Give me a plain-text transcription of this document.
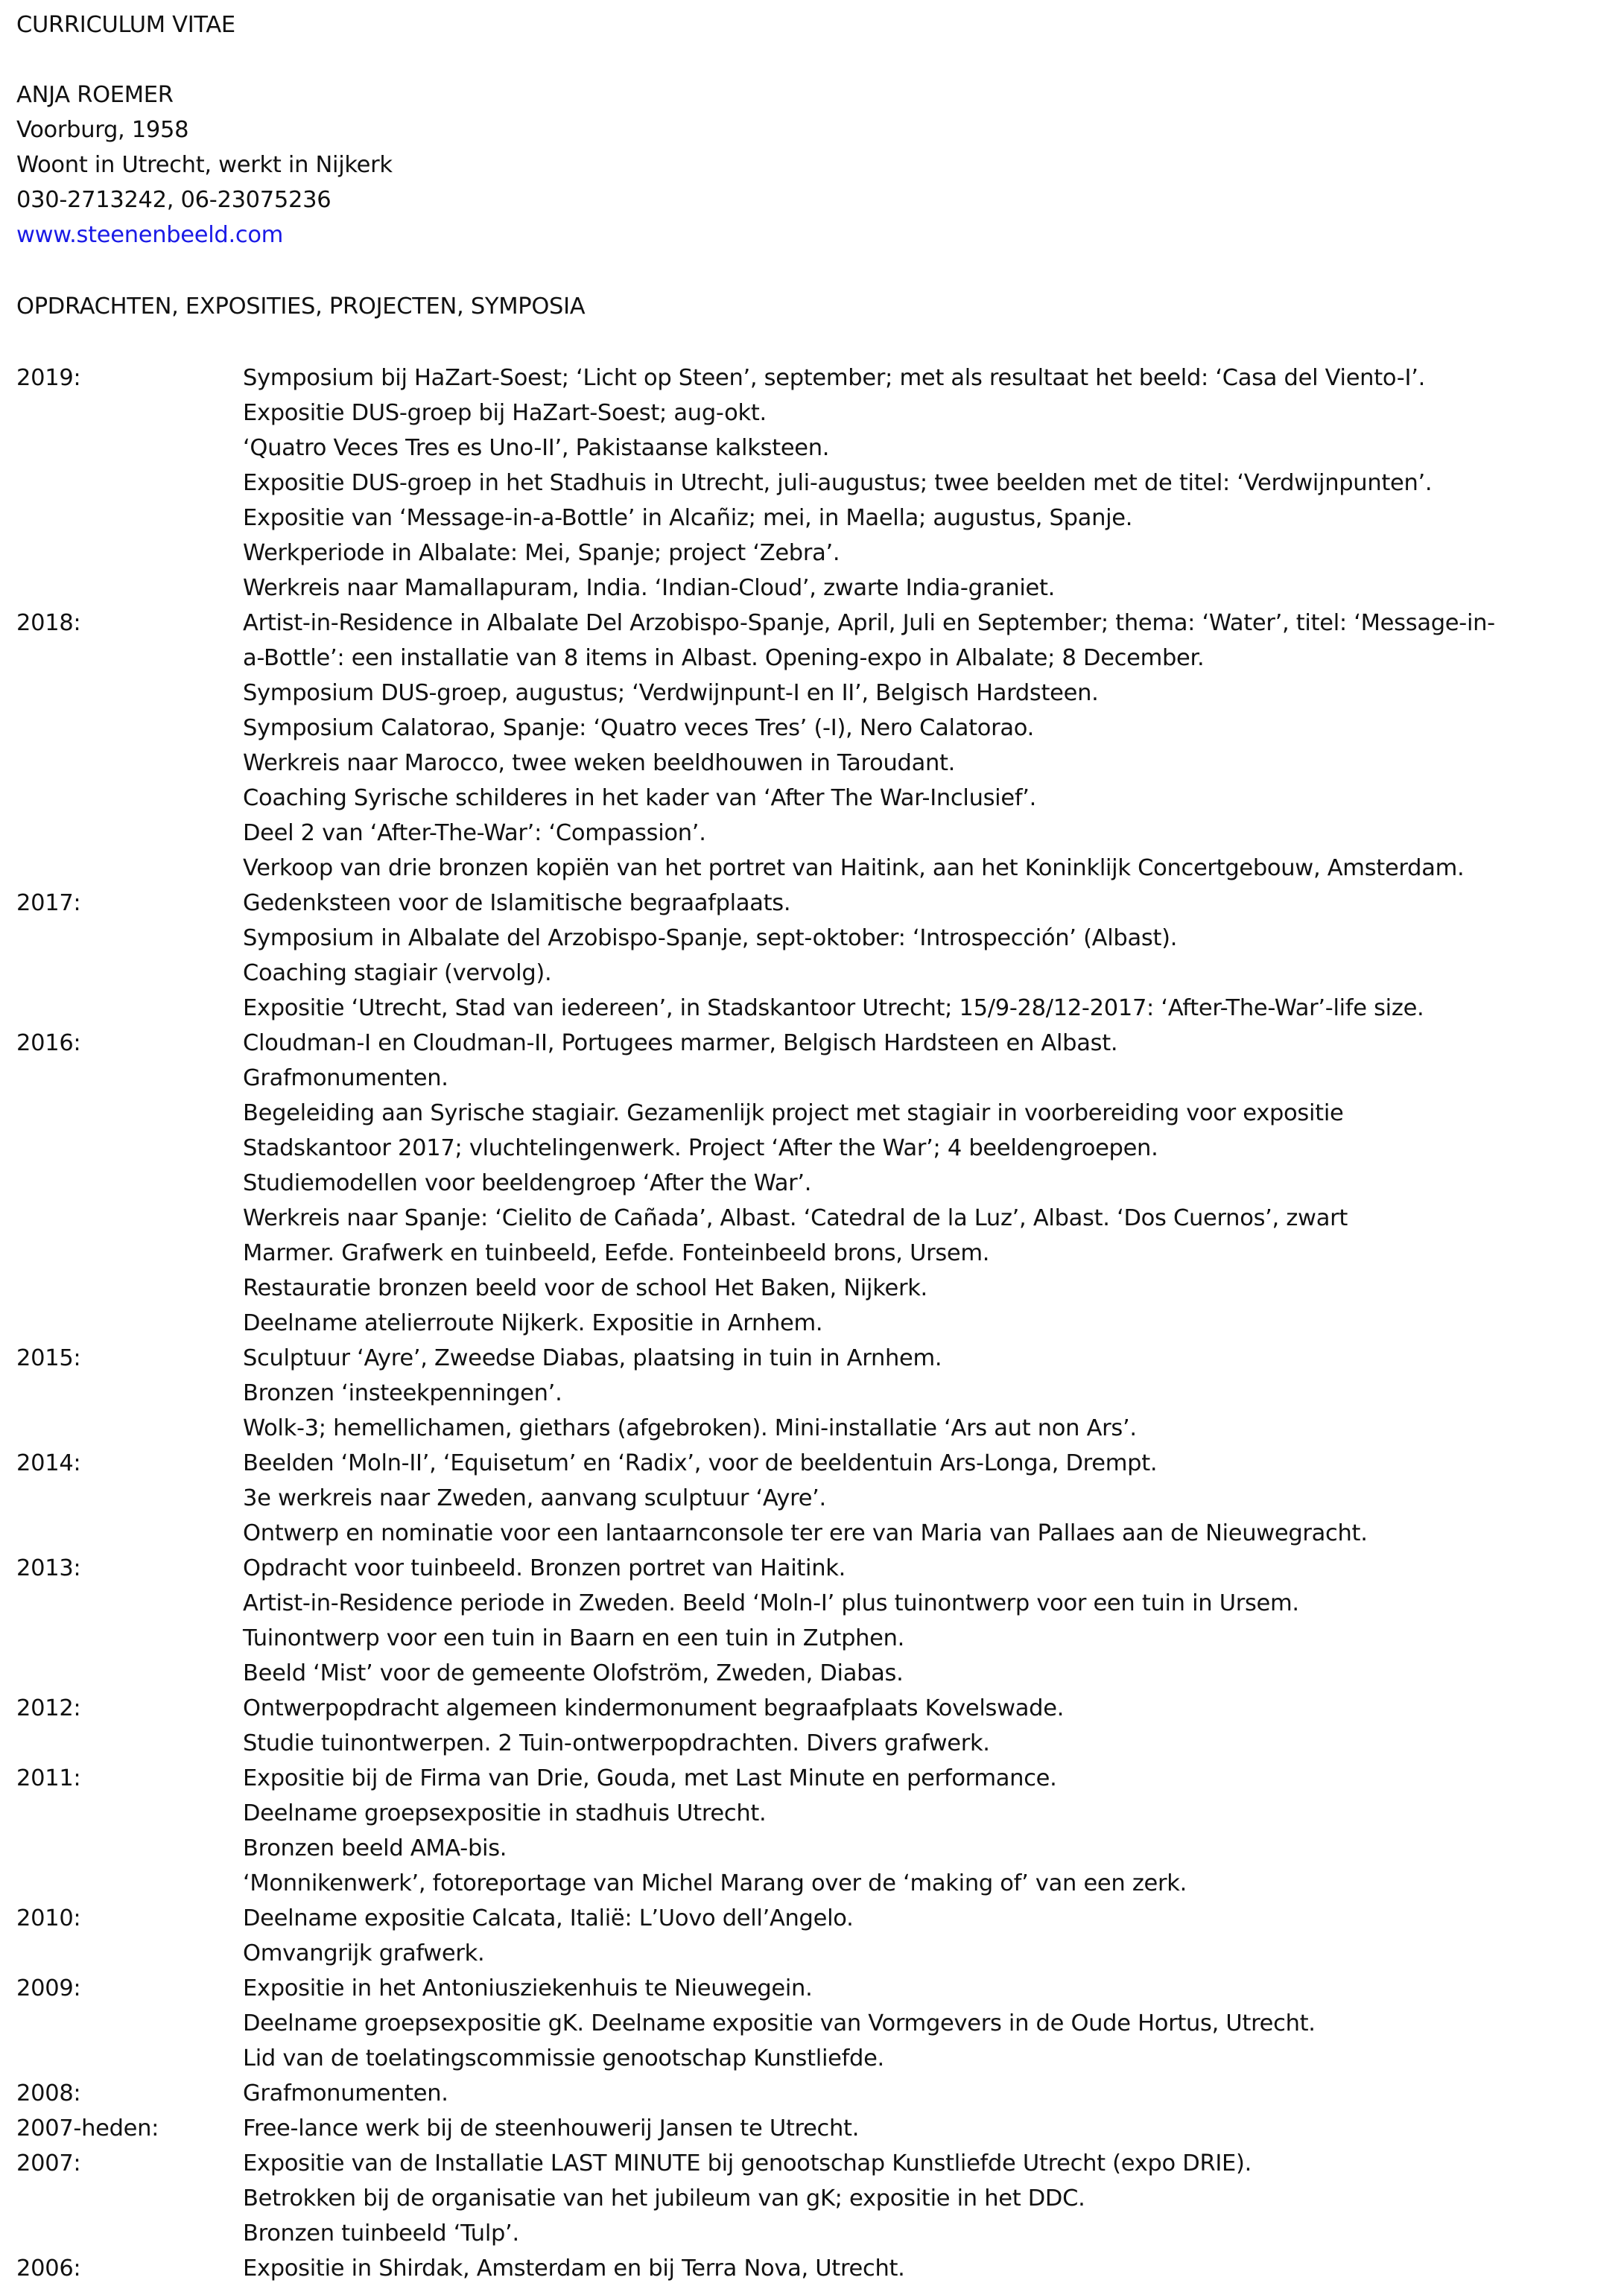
CURRICULUM VITAE
ANJA ROEMER
Voorburg, 1958
Woont in Utrecht, werkt in Nijkerk
030-2713242, 06-23075236
www.steenenbeeld.com
OPDRACHTEN, EXPOSITIES, PROJECTEN, SYMPOSIA
2019:	Symposium bij HaZart-Soest; ‘Licht op Steen’, september; met als resultaat het beeld: ‘Casa del Viento-I’.
Expositie DUS-groep bij HaZart-Soest; aug-okt.
‘Quatro Veces Tres es Uno-II’, Pakistaanse kalksteen.
Expositie DUS-groep in het Stadhuis in Utrecht, juli-augustus; twee beelden met de titel: ‘Verdwijnpunten’.
Expositie van ‘Message-in-a-Bottle’ in Alcañiz; mei, in Maella; augustus, Spanje.
Werkperiode in Albalate: Mei, Spanje; project ‘Zebra’.
Werkreis naar Mamallapuram, India. ‘Indian-Cloud’, zwarte India-graniet.
2018:	Artist-in-Residence in Albalate Del Arzobispo-Spanje, April, Juli en September; thema: ‘Water’, titel: ‘Message-in-
a-Bottle’: een installatie van 8 items in Albast. Opening-expo in Albalate; 8 December.
Symposium DUS-groep, augustus; ‘Verdwijnpunt-I en II’, Belgisch Hardsteen.
Symposium Calatorao, Spanje: ‘Quatro veces Tres’ (-I), Nero Calatorao.
Werkreis naar Marocco, twee weken beeldhouwen in Taroudant.
Coaching Syrische schilderes in het kader van ‘After The War-Inclusief’.
Deel 2 van ‘After-The-War’: ‘Compassion’.
Verkoop van drie bronzen kopiën van het portret van Haitink, aan het Koninklijk Concertgebouw, Amsterdam.
2017:	Gedenksteen voor de Islamitische begraafplaats.
Symposium in Albalate del Arzobispo-Spanje, sept-oktober: ‘Introspección’ (Albast).
Coaching stagiair (vervolg).
Expositie ‘Utrecht, Stad van iedereen’, in Stadskantoor Utrecht; 15/9-28/12-2017: ‘After-The-War’-life size.
2016:	Cloudman-I en Cloudman-II, Portugees marmer, Belgisch Hardsteen en Albast.
Grafmonumenten.
Begeleiding aan Syrische stagiair. Gezamenlijk project met stagiair in voorbereiding voor expositie
Stadskantoor 2017; vluchtelingenwerk. Project ‘After the War’; 4 beeldengroepen.
Studiemodellen voor beeldengroep ‘After the War’.
Werkreis naar Spanje: ‘Cielito de Cañada’, Albast. ‘Catedral de la Luz’, Albast. ‘Dos Cuernos’, zwart
Marmer. Grafwerk en tuinbeeld, Eefde. Fonteinbeeld brons, Ursem.
Restauratie bronzen beeld voor de school Het Baken, Nijkerk.
Deelname atelierroute Nijkerk. Expositie in Arnhem.
2015:	Sculptuur ‘Ayre’, Zweedse Diabas, plaatsing in tuin in Arnhem.
Bronzen ‘insteekpenningen’.
Wolk-3; hemellichamen, giethars (afgebroken). Mini-installatie ‘Ars aut non Ars’.
2014:	Beelden ‘Moln-II’, ‘Equisetum’ en ‘Radix’, voor de beeldentuin Ars-Longa, Drempt.
3e werkreis naar Zweden, aanvang sculptuur ‘Ayre’.
Ontwerp en nominatie voor een lantaarnconsole ter ere van Maria van Pallaes aan de Nieuwegracht.
2013:	Opdracht voor tuinbeeld. Bronzen portret van Haitink.
Artist-in-Residence periode in Zweden. Beeld ‘Moln-I’ plus tuinontwerp voor een tuin in Ursem.
Tuinontwerp voor een tuin in Baarn en een tuin in Zutphen.
Beeld ‘Mist’ voor de gemeente Olofström, Zweden, Diabas.
2012:	Ontwerpopdracht algemeen kindermonument begraafplaats Kovelswade.
Studie tuinontwerpen. 2 Tuin-ontwerpopdrachten. Divers grafwerk.
2011:	Expositie bij de Firma van Drie, Gouda, met Last Minute en performance.
Deelname groepsexpositie in stadhuis Utrecht.
Bronzen beeld AMA-bis.
‘Monnikenwerk’, fotoreportage van Michel Marang over de ‘making of’ van een zerk.
2010:	Deelname expositie Calcata, Italië: L’Uovo dell’Angelo.
Omvangrijk grafwerk.
2009:	Expositie in het Antoniusziekenhuis te Nieuwegein.
Deelname groepsexpositie gK. Deelname expositie van Vormgevers in de Oude Hortus, Utrecht.
Lid van de toelatingscommissie genootschap Kunstliefde.
2008:	Grafmonumenten.
2007-heden:	Free-lance werk bij de steenhouwerij Jansen te Utrecht.
2007:	Expositie van de Installatie LAST MINUTE bij genootschap Kunstliefde Utrecht (expo DRIE).
Betrokken bij de organisatie van het jubileum van gK; expositie in het DDC.
Bronzen tuinbeeld ‘Tulp’.
2006:	Expositie in Shirdak, Amsterdam en bij Terra Nova, Utrecht.
